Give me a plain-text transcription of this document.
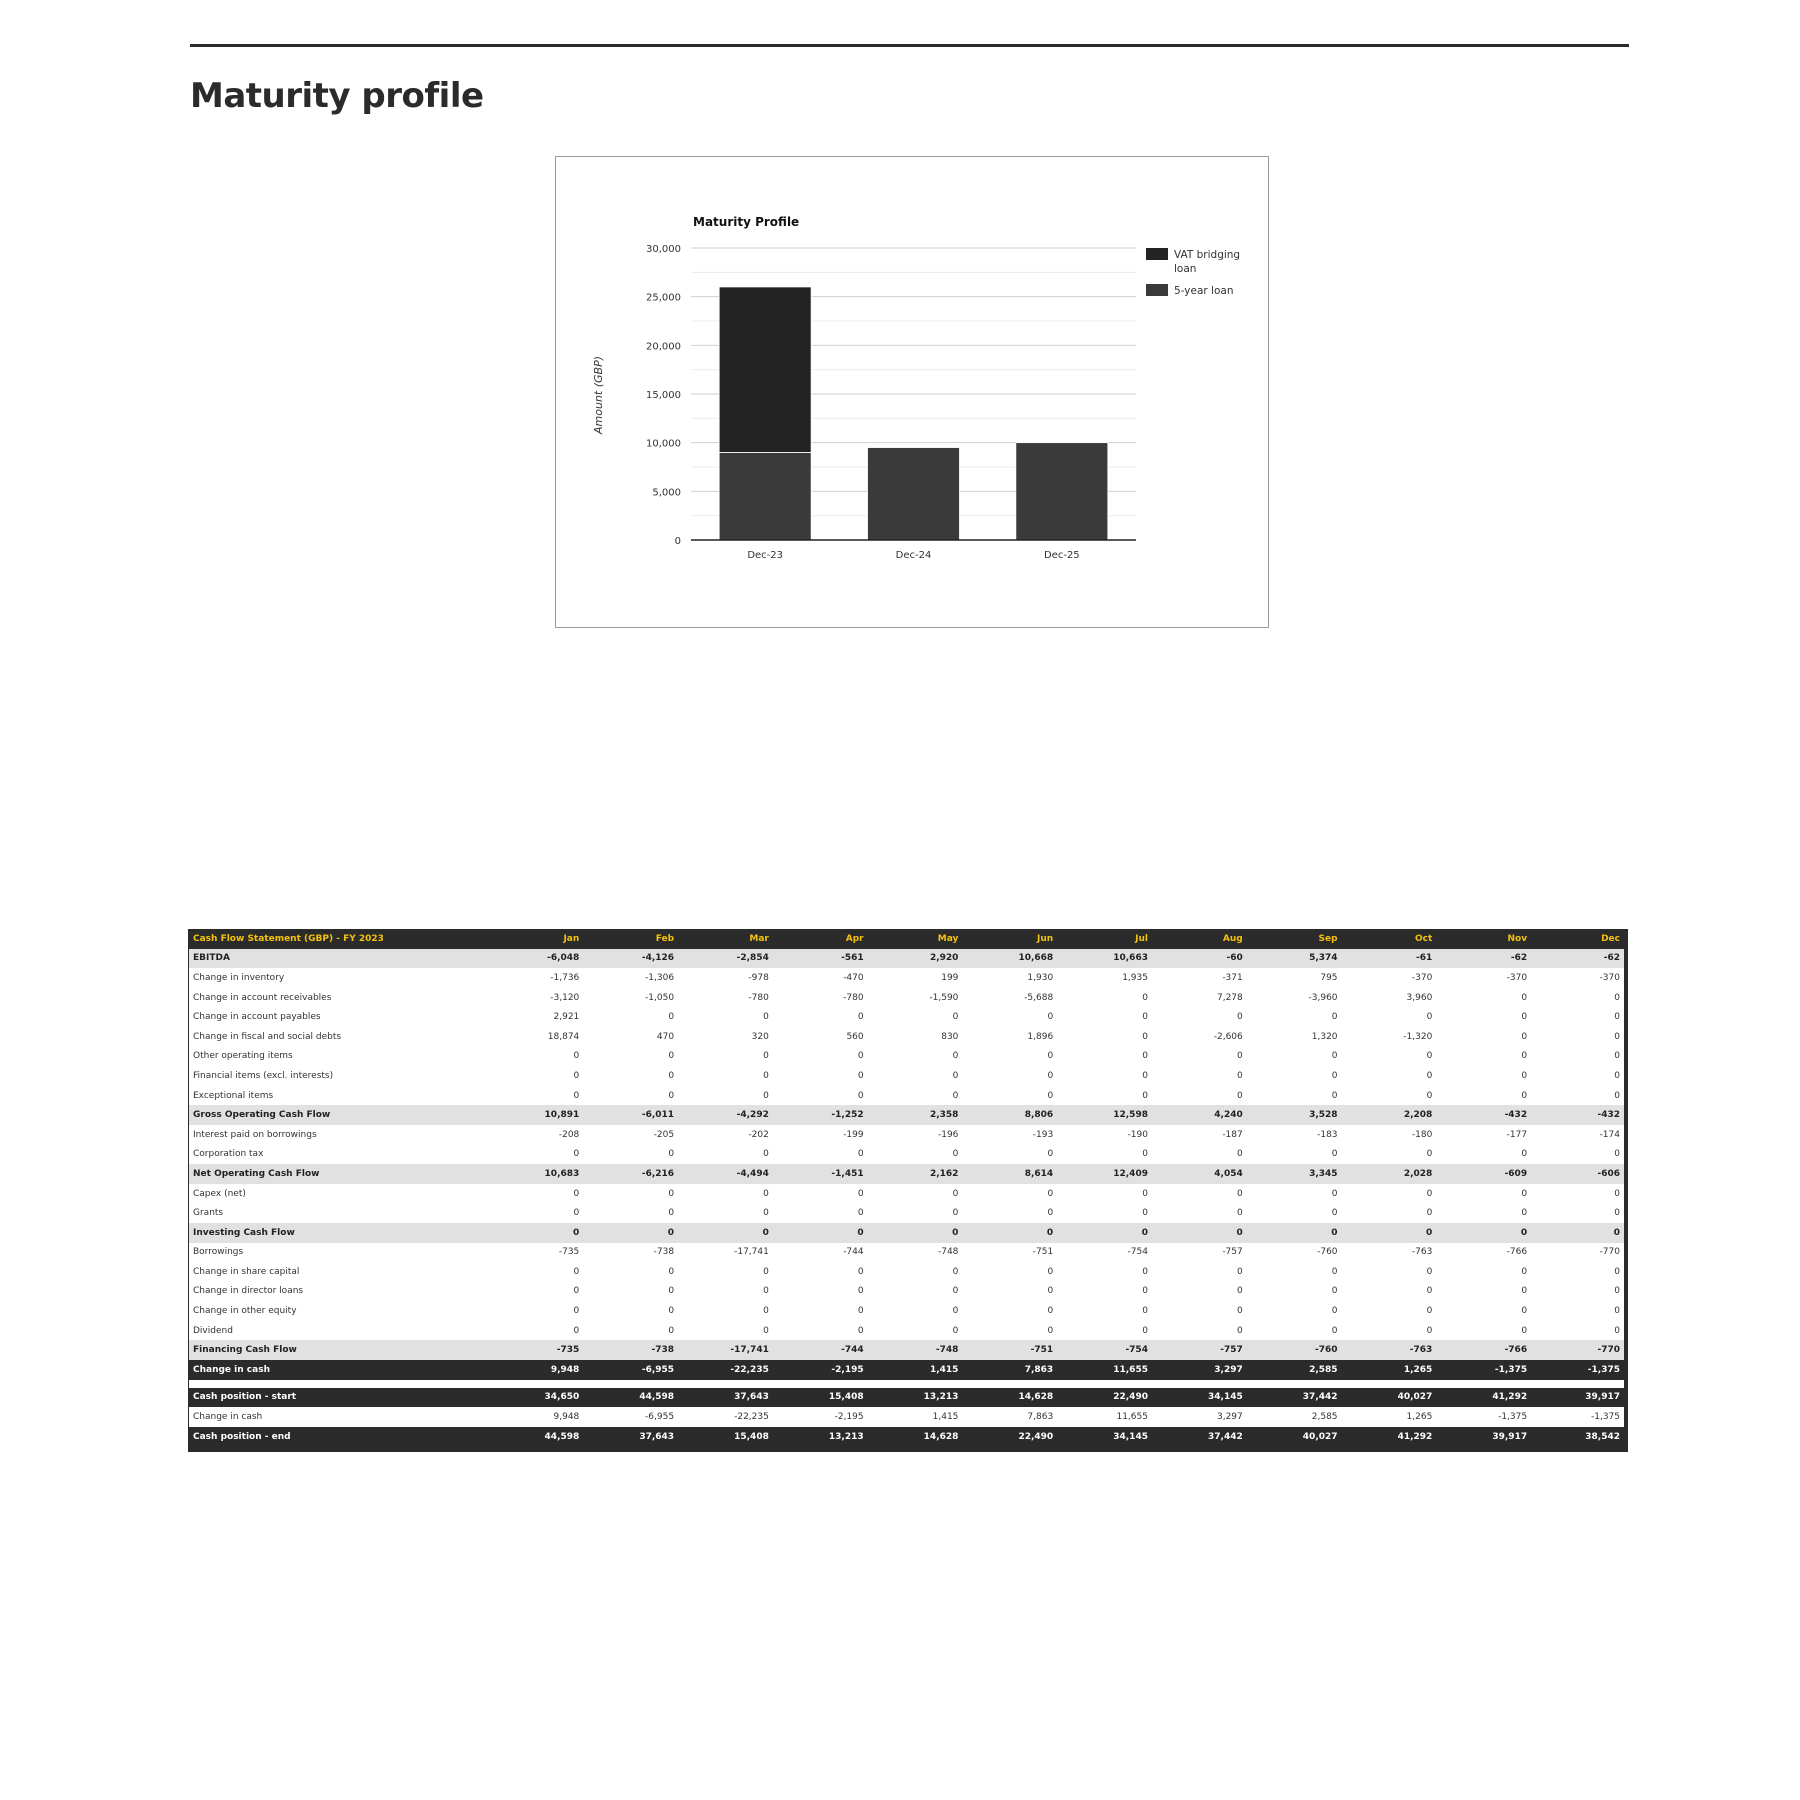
Maturity profile
0
5,000
10,000
15,000
20,000
25,000
30,000
Dec-23	Dec-24	Dec-25
Maturity Profile
Amount (GBP)
VAT bridging loan
5-year loan
Cash Flow Statement (GBP) - FY 2023	Jan	Feb	Mar	Apr	May	Jun	Jul	Aug	Sep	Oct	Nov	Dec
EBITDA	-6,048	-4,126	-2,854	-561	2,920	10,668	10,663	-60	5,374	-61	-62	-62
Change in inventory	-1,736	-1,306	-978	-470	199	1,930	1,935	-371	795	-370	-370	-370
Change in account receivables	-3,120	-1,050	-780	-780	-1,590	-5,688	0	7,278	-3,960	3,960	0	0
Change in account payables	2,921	0	0	0	0	0	0	0	0	0	0	0
Change in fiscal and social debts	18,874	470	320	560	830	1,896	0	-2,606	1,320	-1,320	0	0
Other operating items	0	0	0	0	0	0	0	0	0	0	0	0
Financial items (excl. interests)	0	0	0	0	0	0	0	0	0	0	0	0
Exceptional items	0	0	0	0	0	0	0	0	0	0	0	0
Gross Operating Cash Flow	10,891	-6,011	-4,292	-1,252	2,358	8,806	12,598	4,240	3,528	2,208	-432	-432
Interest paid on borrowings	-208	-205	-202	-199	-196	-193	-190	-187	-183	-180	-177	-174
Corporation tax	0	0	0	0	0	0	0	0	0	0	0	0
Net Operating Cash Flow	10,683	-6,216	-4,494	-1,451	2,162	8,614	12,409	4,054	3,345	2,028	-609	-606
Capex (net)	0	0	0	0	0	0	0	0	0	0	0	0
Grants	0	0	0	0	0	0	0	0	0	0	0	0
Investing Cash Flow	0	0	0	0	0	0	0	0	0	0	0	0
Borrowings	-735	-738	-17,741	-744	-748	-751	-754	-757	-760	-763	-766	-770
Change in share capital	0	0	0	0	0	0	0	0	0	0	0	0
Change in director loans	0	0	0	0	0	0	0	0	0	0	0	0
Change in other equity	0	0	0	0	0	0	0	0	0	0	0	0
Dividend	0	0	0	0	0	0	0	0	0	0	0	0
Financing Cash Flow	-735	-738	-17,741	-744	-748	-751	-754	-757	-760	-763	-766	-770
Change in cash	9,948	-6,955	-22,235	-2,195	1,415	7,863	11,655	3,297	2,585	1,265	-1,375	-1,375

Cash position - start	34,650	44,598	37,643	15,408	13,213	14,628	22,490	34,145	37,442	40,027	41,292	39,917
Change in cash	9,948	-6,955	-22,235	-2,195	1,415	7,863	11,655	3,297	2,585	1,265	-1,375	-1,375
Cash position - end	44,598	37,643	15,408	13,213	14,628	22,490	34,145	37,442	40,027	41,292	39,917	38,542
